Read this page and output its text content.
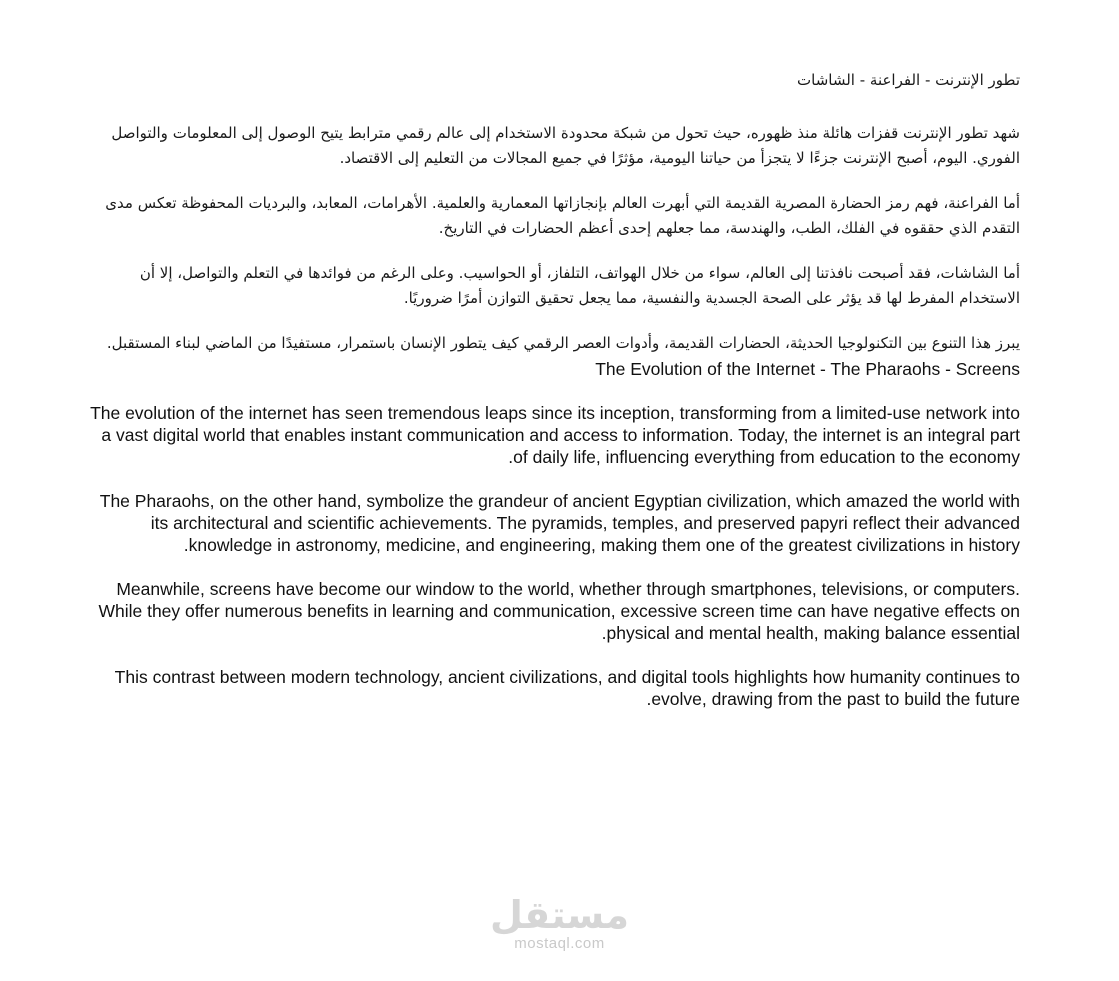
تطور الإنترنت - الفراعنة - الشاشات

شهد تطور الإنترنت قفزات هائلة منذ ظهوره، حيث تحول من شبكة محدودة الاستخدام إلى عالم رقمي مترابط يتيح الوصول إلى المعلومات والتواصل الفوري. اليوم، أصبح الإنترنت جزءًا لا يتجزأ من حياتنا اليومية، مؤثرًا في جميع المجالات من التعليم إلى الاقتصاد.

أما الفراعنة، فهم رمز الحضارة المصرية القديمة التي أبهرت العالم بإنجازاتها المعمارية والعلمية. الأهرامات، المعابد، والبرديات المحفوظة تعكس مدى التقدم الذي حققوه في الفلك، الطب، والهندسة، مما جعلهم إحدى أعظم الحضارات في التاريخ.

أما الشاشات، فقد أصبحت نافذتنا إلى العالم، سواء من خلال الهواتف، التلفاز، أو الحواسيب. وعلى الرغم من فوائدها في التعلم والتواصل، إلا أن الاستخدام المفرط لها قد يؤثر على الصحة الجسدية والنفسية، مما يجعل تحقيق التوازن أمرًا ضروريًا.

يبرز هذا التنوع بين التكنولوجيا الحديثة، الحضارات القديمة، وأدوات العصر الرقمي كيف يتطور الإنسان باستمرار، مستفيدًا من الماضي لبناء المستقبل.

The Evolution of the Internet - The Pharaohs - Screens

The evolution of the internet has seen tremendous leaps since its inception, transforming from a limited-use network into a vast digital world that enables instant communication and access to information. Today, the internet is an integral part of daily life, influencing everything from education to the economy.

The Pharaohs, on the other hand, symbolize the grandeur of ancient Egyptian civilization, which amazed the world with its architectural and scientific achievements. The pyramids, temples, and preserved papyri reflect their advanced knowledge in astronomy, medicine, and engineering, making them one of the greatest civilizations in history.

Meanwhile, screens have become our window to the world, whether through smartphones, televisions, or computers. While they offer numerous benefits in learning and communication, excessive screen time can have negative effects on physical and mental health, making balance essential.

This contrast between modern technology, ancient civilizations, and digital tools highlights how humanity continues to evolve, drawing from the past to build the future.

مستقل
mostaql.com
